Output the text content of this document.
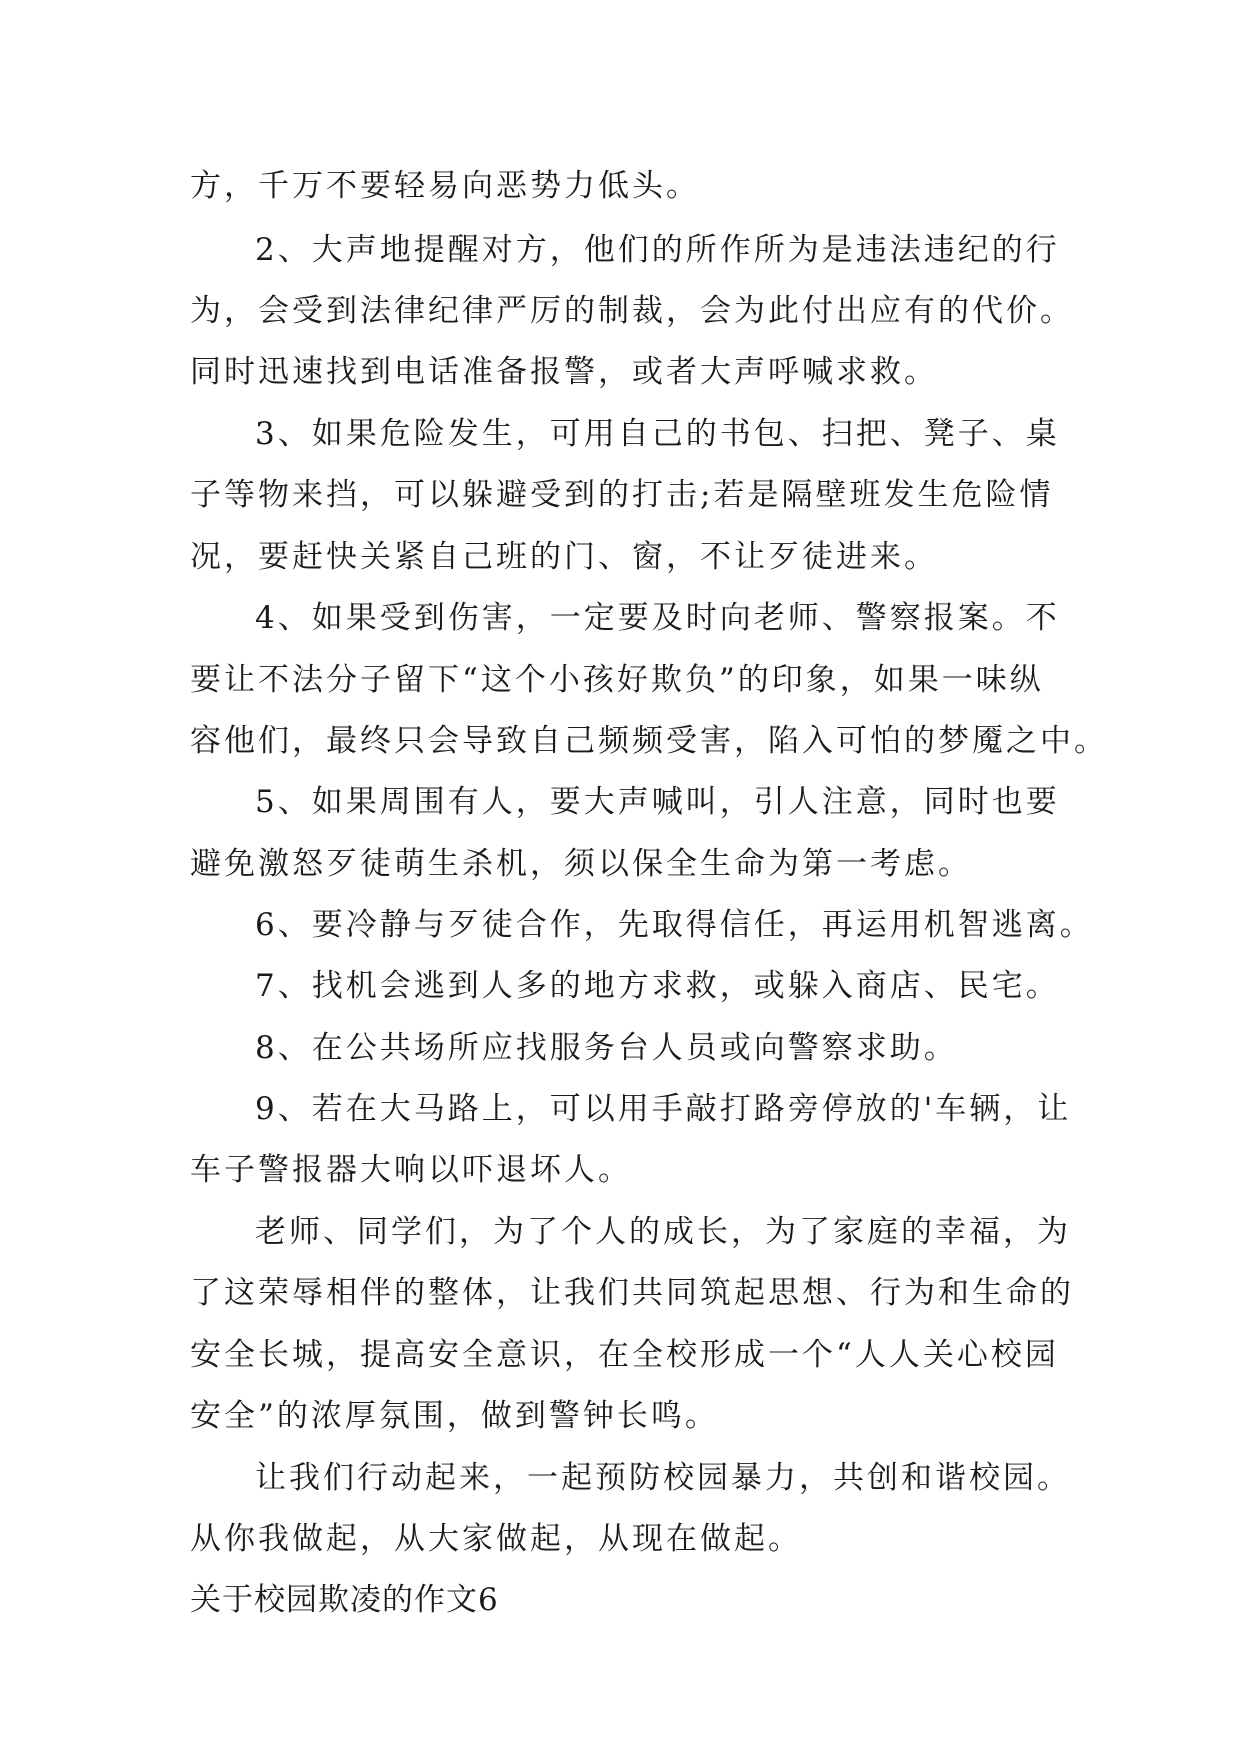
方，千万不要轻易向恶势力低头。
2、大声地提醒对方，他们的所作所为是违法违纪的行
为，会受到法律纪律严厉的制裁，会为此付出应有的代价。
同时迅速找到电话准备报警，或者大声呼喊求救。
3、如果危险发生，可用自己的书包、扫把、凳子、桌
子等物来挡，可以躲避受到的打击;若是隔壁班发生危险情
况，要赶快关紧自己班的门、窗，不让歹徒进来。
4、如果受到伤害，一定要及时向老师、警察报案。不
要让不法分子留下“这个小孩好欺负”的印象，如果一味纵
容他们，最终只会导致自己频频受害，陷入可怕的梦魇之中。
5、如果周围有人，要大声喊叫，引人注意，同时也要
避免激怒歹徒萌生杀机，须以保全生命为第一考虑。
6、要冷静与歹徒合作，先取得信任，再运用机智逃离。
7、找机会逃到人多的地方求救，或躲入商店、民宅。
8、在公共场所应找服务台人员或向警察求助。
9、若在大马路上，可以用手敲打路旁停放的'车辆，让
车子警报器大响以吓退坏人。
老师、同学们，为了个人的成长，为了家庭的幸福，为
了这荣辱相伴的整体，让我们共同筑起思想、行为和生命的
安全长城，提高安全意识，在全校形成一个“人人关心校园
安全”的浓厚氛围，做到警钟长鸣。
让我们行动起来，一起预防校园暴力，共创和谐校园。
从你我做起，从大家做起，从现在做起。
关于校园欺凌的作文6
